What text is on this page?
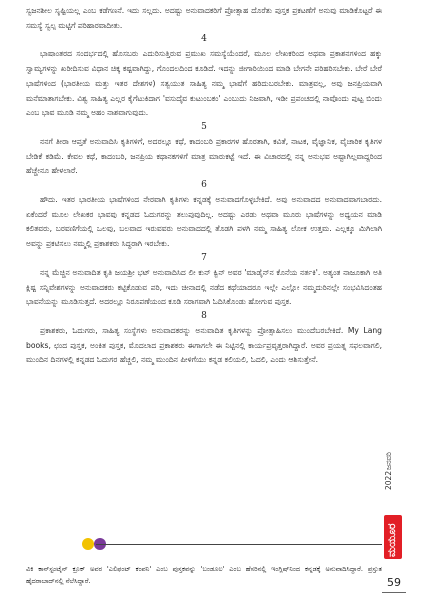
ಸ್ವಜನಶೀಲ ಸೃಷ್ಟಿಯಲ್ಲ ಎಂಬ ಕಡೆಗಣನೆ. ಇದು ಸಲ್ಲದು. ಅದಷ್ಟು ಅನುವಾದಕರಿಗೆ ಪ್ರೋತ್ಸಾಹ ದೊರೆತು ಪುಸ್ತಕ ಪ್ರಕಟಣೆಗೆ ಅನುವು ಮಾಡಿಕೊಟ್ಟರೆ ಈ ಸಮಸ್ಯೆ ಸ್ವಲ್ಪ ಮಟ್ಟಿಗೆ ಪರಿಹಾರವಾದೀತು.

4

ಭಾಷಾಂತರದ ಸಂದರ್ಭದಲ್ಲಿ ಹೊಸಬರು ಎದುರಿಸುತ್ತಿರುವ ಪ್ರಮುಖ ಸಮಸ್ಯೆಯೆಂದರೆ, ಮೂಲ ಲೇಖಕರಿಂದ ಅಥವಾ ಪ್ರಕಾಶನಗಳಿಂದ ಹಕ್ಕು ಸ್ವಾಮ್ಯಗಳನ್ನು ಖರೀದಿಸುವ ವಿಧಾನ ಚಿಕ್ಕ ಕಷ್ಟವಾಗಿದ್ದು, ಗೊಂದಲದಿಂದ ಕೂಡಿದೆ. ಇದನ್ನು ಜೀಗಾರಿಯಿಂದ ಮಾಡಿ ಬೇಗನೇ ಪರಿಹರಿಸಬೇಕು. ಬೇರೆ ಬೇರೆ ಭಾಷೆಗಳಿಂದ (ಭಾರತೀಯ ಮತ್ತು ಇತರ ದೇಶಗಳ) ಸತ್ವಯುತ ಸಾಹಿತ್ಯ ನಮ್ಮ ಭಾಷೆಗೆ ಹರಿದುಬರಬೇಕು. ಮಾತ್ರವಲ್ಲ, ಅವು ಜನಪ್ರಿಯವಾಗಿ ಮನೆಮಾತಾಗಬೇಕು. ವಿಶ್ವ ಸಾಹಿತ್ಯ ಎಲ್ಲರ ಕೈಗೆಟುಕಿದಾಗ 'ವಸುದೈವ ಕುಟುಂಬಕಂ' ಎಂಬುದು ನಿಜವಾಗಿ, ಇಡೀ ಪ್ರಪಂಚದಲ್ಲಿ ನಾವೊಂದು ಪುಟ್ಟ ಬಿಂದು ಎಂಬ ಭಾವ ಮೂಡಿ ನಮ್ಮ ಅಹಂ ನಾಶವಾಗುವುದು.

5

ನನಗೆ ತೀರಾ ಆಪ್ತತೆ ಅನುವಾದಿಸಿ ಕೃತಿಗಳಿಗೆ, ಅದರಲ್ಲೂ ಕಥೆ, ಕಾದಂಬರಿ ಪ್ರಕಾರಗಳ ಹೊರತಾಗಿ, ಕವಿತೆ, ನಾಟಕ, ವೈಜ್ಞಾನಿಕ, ವೈಚಾರಿಕ ಕೃತಿಗಳ ಬೇಡಿಕೆ ಕಡಿಮೆ. ಕೇವಲ ಕಥೆ, ಕಾದಂಬರಿ, ಜನಪ್ರಿಯ ಕಥಾನಕಗಳಿಗೆ ಮಾತ್ರ ಮಾರುಕಟ್ಟೆ ಇದೆ. ಈ ವಿಚಾರದಲ್ಲಿ ನನ್ನ ಅನುಭವ ಅಷ್ಟಾಗಿಲ್ಲವಾದ್ದರಿಂದ ಹೆಚ್ಚೇನೂ ಹೇಳಲಾರೆ.

6

ಹೌದು. ಇತರ ಭಾರತೀಯ ಭಾಷೆಗಳಿಂದ ನೇರವಾಗಿ ಕೃತಿಗಳು ಕನ್ನಡಕ್ಕೆ ಅನುವಾದಗೊಳ್ಳಬೇಕಿದೆ. ಅವು ಅನುವಾದದ ಅನುವಾದವಾಗಬಾರದು. ಏಕೆಂದರೆ ಮೂಲ ಲೇಖಕರ ಭಾವವು ಕನ್ನಡದ ಓದುಗರನ್ನು ತಲುಪುವುದಿಲ್ಲ. ಅದಷ್ಟು ಎರಡು ಅಥವಾ ಮೂರು ಭಾಷೆಗಳನ್ನು ಅಧ್ಯಯನ ಮಾಡಿ ಕಲಿತವರು, ಬರವಣಿಗೆಯಲ್ಲಿ ಒಲವು, ಬಲವಾದ ಇರುವವರು ಅನುವಾದದಲ್ಲಿ ತೊಡಗಿ ಪಳಗಿ ನಮ್ಮ ಸಾಹಿತ್ಯ ಲೋಕ ಉತ್ತಮ. ಎಲ್ಲಕ್ಕೂ ಮಿಗಿಲಾಗಿ ಅವನ್ನು ಪ್ರಕಟಿಸಲು ನಮ್ಮಲ್ಲಿ ಪ್ರಕಾಶಕರು ಸಿದ್ಧರಾಗಿ ಇರಬೇಕು.

7

ನನ್ನ ಮೆಚ್ಚಿನ ಅನುವಾದಿತ ಕೃತಿ ಜಯಶ್ರೀ ಭಟ್ ಅನುವಾದಿಸಿದ ಲೀ ಕುನ್ ಕ್ವಿನ್ ಅವರ 'ಮಾಡೈನ್‌ನ ಕೊನೆಯ ನರ್ತಕಿ'. ಅತ್ಯಂತ ನಾಜೂಕಾಗಿ ಅತಿ ಕ್ಲಿಷ್ಟ ಸನ್ನಿವೇಶಗಳನ್ನು ಅನುವಾದಕರು ಕಟ್ಟಿಕೊಡುವ ಪರಿ, ಇದು ಚೀನಾದಲ್ಲಿ ನಡೆದ ಕಥೆಯಾದರೂ ಇಲ್ಲೇ ಎಲ್ಲೋ ನಮ್ಮದುರಿನಲ್ಲೇ ಸಂಭವಿಸಿದಂತಹ ಭಾವನೆಯನ್ನು ಮೂಡಿಸುತ್ತದೆ. ಅದರಲ್ಲೂ ನಿರೂಪಣೆಯಂದ ಕೂಡಿ ಸರಾಗವಾಗಿ ಓದಿಸಿಕೊಂಡು ಹೋಗುವ ಪುಸ್ತಕ.

8

ಪ್ರಕಾಶಕರು, ಓದುಗರು, ಸಾಹಿತ್ಯ ಸಂಸ್ಥೆಗಳು ಅನುವಾದಕರನ್ನು ಅನುವಾದಿತ ಕೃತಿಗಳನ್ನು ಪ್ರೋತ್ಸಾಹಿಸಲು ಮುಂದೆಬರಬೇಕಿದೆ. My Lang books, ಛಂದ ಪುಸ್ತಕ, ಅಂಕಿತ ಪುಸ್ತಕ, ಮೊದಲಾದ ಪ್ರಕಾಶಕರು ಈಗಾಗಲೇ ಈ ನಿಟ್ಟಿನಲ್ಲಿ ಕಾರ್ಯಪ್ರವೃತ್ತರಾಗಿದ್ದಾರೆ. ಅವರ ಪ್ರಯತ್ನ ಸಫಲವಾಗಲಿ, ಮುಂದಿನ ದಿನಗಳಲ್ಲಿ ಕನ್ನಡದ ಓದುಗರ ಹೆಚ್ಚಲಿ, ನಮ್ಮ ಮುಂದಿನ ಪೀಳಿಗೆಯು ಕನ್ನಡ ಕಲಿಯಲಿ, ಓದಲಿ, ಎಂದು ಆಶಿಸುತ್ತೇನೆ.

ವಿಕಿ ಕಾನ್‌ಸ್ಟಂಟೈನ್ ಕ್ರೂಕ್ ಅವರ 'ಎಲಿಫಂಟ್ ಕಂಪನಿ' ಎಂಬ ಪುಸ್ತಕವನ್ನು 'ಬಂಡೂಲ' ಎಂಬ ಹೆಸರಿನಲ್ಲಿ ಇಂಗ್ಲಿಷ್‌ನಿಂದ ಕನ್ನಡಕ್ಕೆ ಅನುವಾದಿಸಿದ್ದಾರೆ. ಪ್ರಸ್ತುತ ಹೈದರಾಬಾದ್‌ನಲ್ಲಿ ನೆಲೆಸಿದ್ದಾರೆ.

2022
ಜನವರಿ
ಮಯೂರ
59
